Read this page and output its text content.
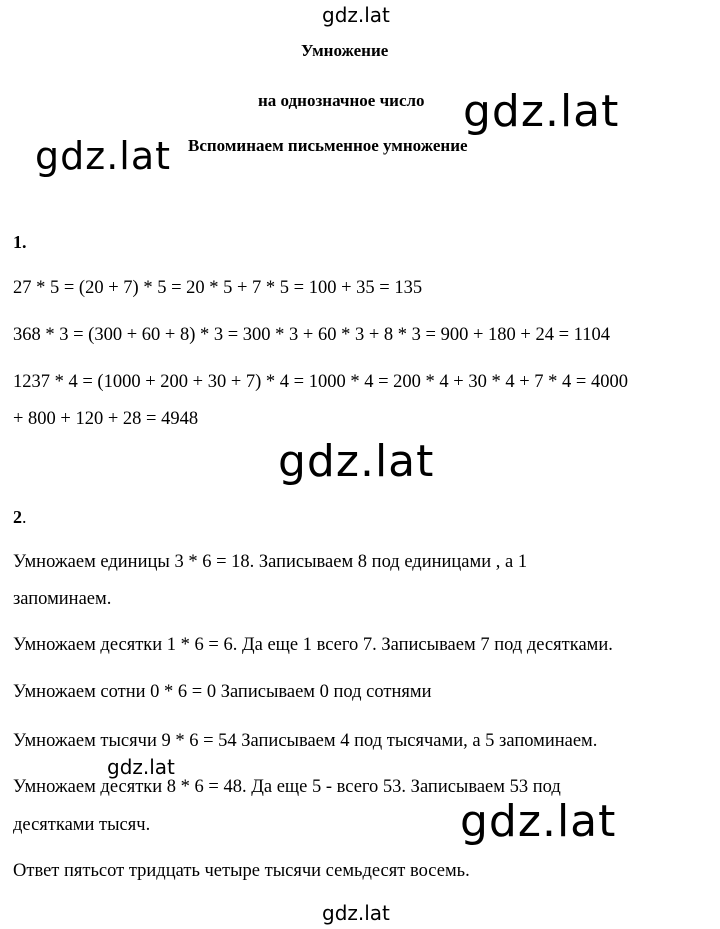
gdz.lat
Умножение
на однозначное число gdz.lat
Вспоминаем письменное умножение
gdz.lat
1.
27 * 5 = (20 + 7) * 5 = 20 * 5 + 7 * 5 = 100 + 35 = 135
368 * 3 = (300 + 60 + 8) * 3 = 300 * 3 + 60 * 3 + 8 * 3 = 900 + 180 + 24 = 1104
1237 * 4 = (1000 + 200 + 30 + 7) * 4 = 1000 * 4 = 200 * 4 + 30 * 4 + 7 * 4 = 4000
+ 800 + 120 + 28 = 4948
gdz.lat
2.
Умножаем единицы 3 * 6 = 18. Записываем 8 под единицами , а 1
запоминаем.
Умножаем десятки 1 * 6 = 6. Да еще 1 всего 7. Записываем 7 под десятками.
Умножаем сотни 0 * 6 = 0 Записываем 0 под сотнями
Умножаем тысячи 9 * 6 = 54 Записываем 4 под тысячами, а 5 запоминаем.
gdz.lat
Умножаем десятки 8 * 6 = 48. Да еще 5 - всего 53. Записываем 53 под
gdz.lat
десятками тысяч.
Ответ пятьсот тридцать четыре тысячи семьдесят восемь.
gdz.lat
